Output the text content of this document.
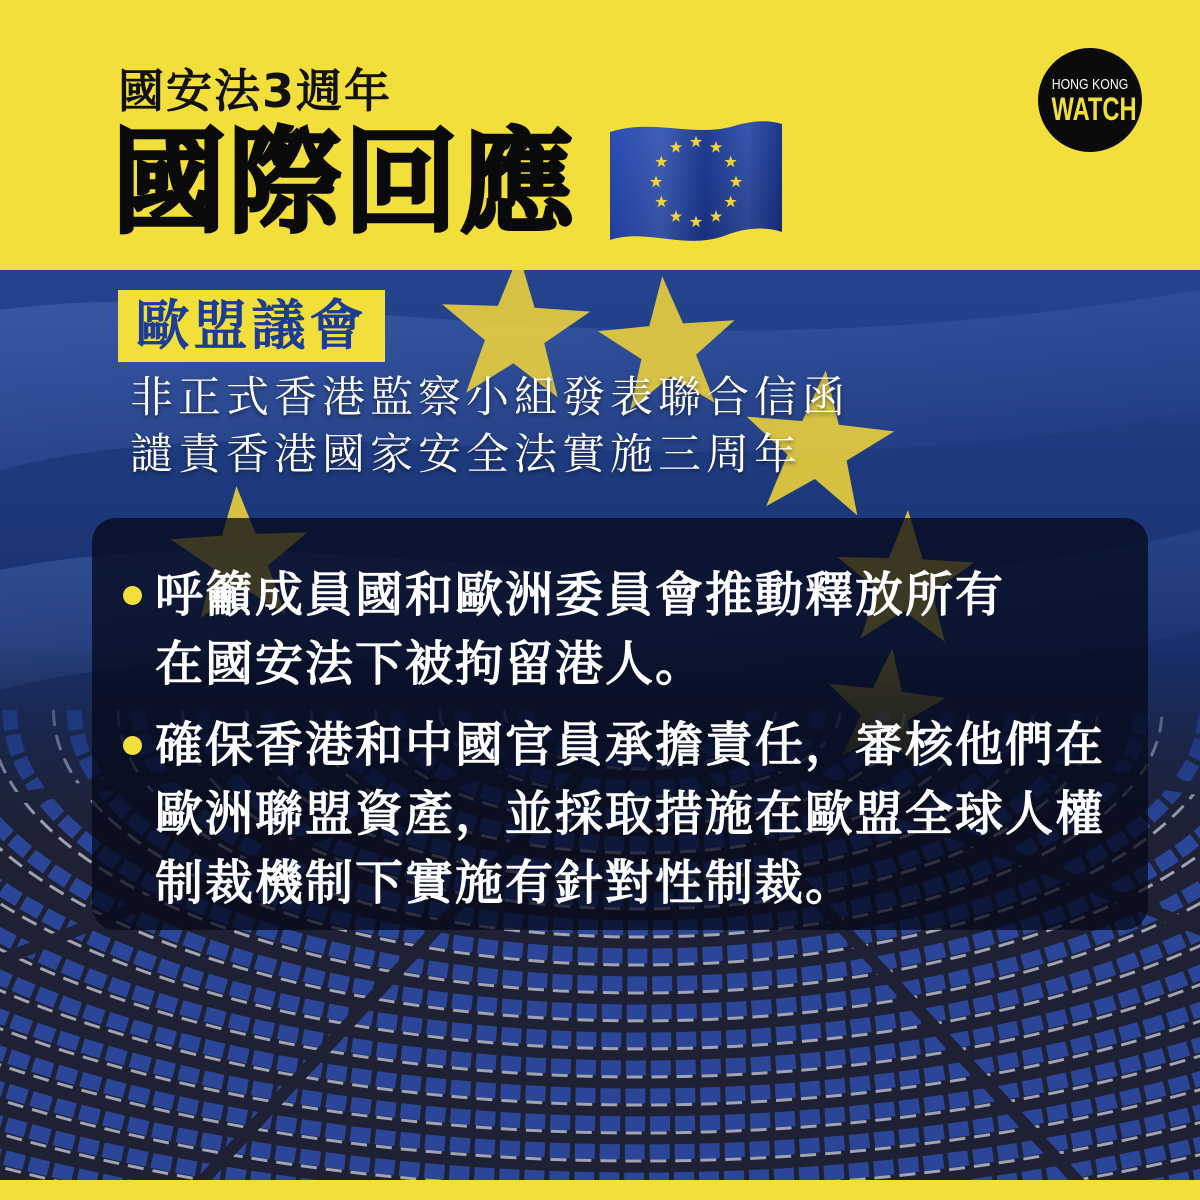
國安法3週年
國際回應
HONG KONG
WATCH
歐盟議會
非正式香港監察小組發表聯合信函
譴責香港國家安全法實施三周年
呼籲成員國和歐洲委員會推動釋放所有
在國安法下被拘留港人。
確保香港和中國官員承擔責任，審核他們在
歐洲聯盟資產，並採取措施在歐盟全球人權
制裁機制下實施有針對性制裁。
